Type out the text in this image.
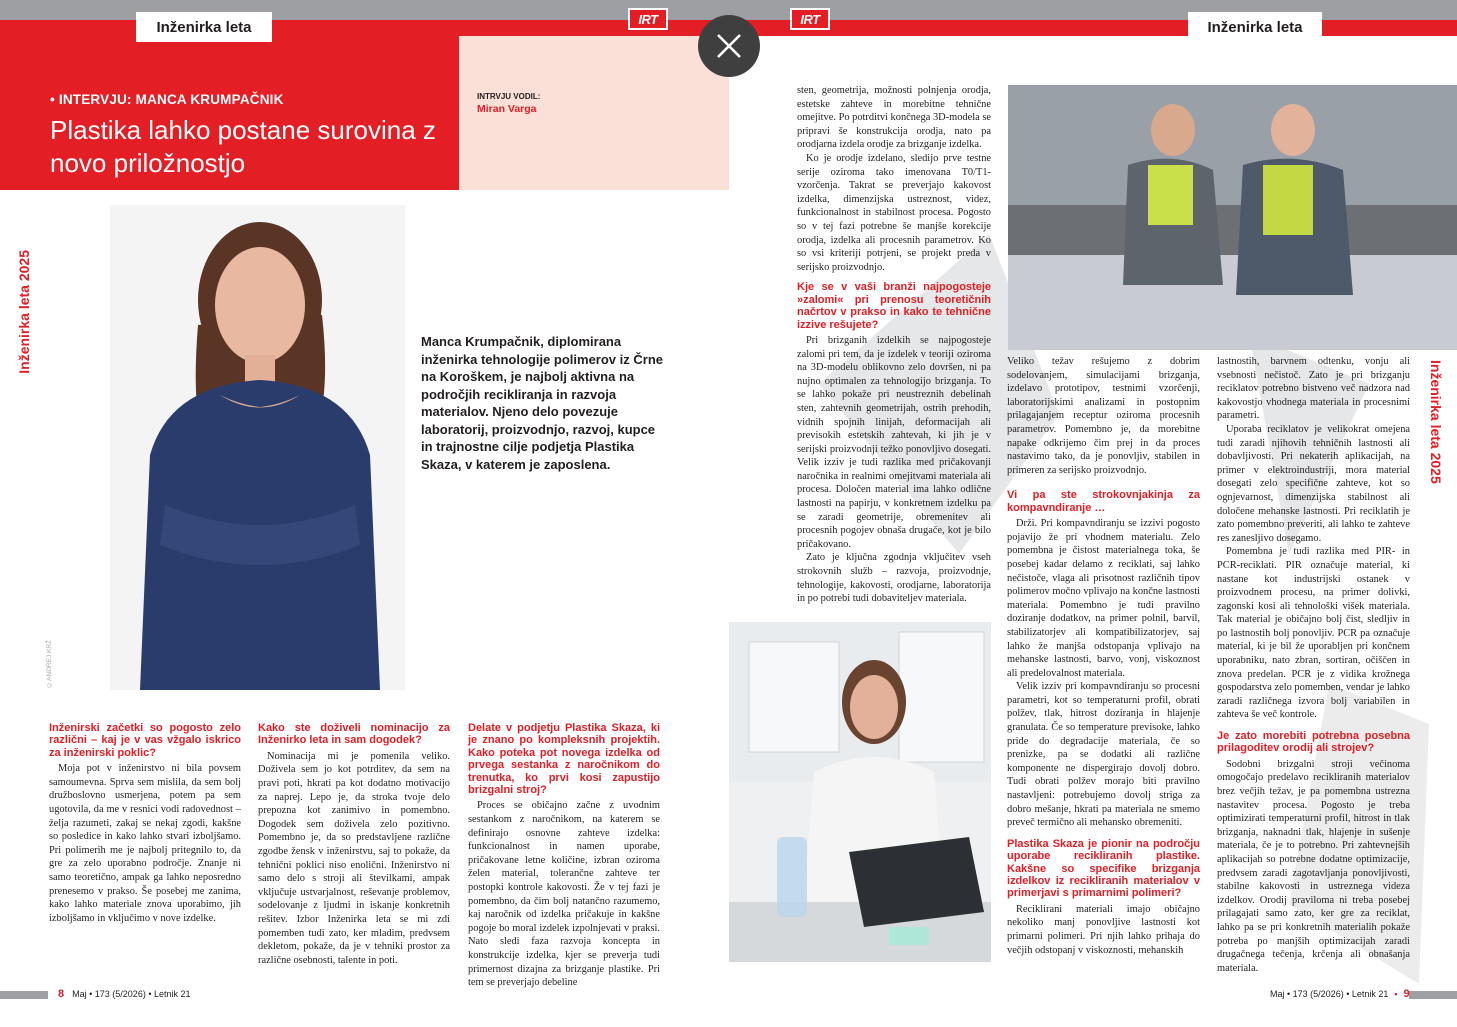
Inženirka leta	Inženirka leta
IRT	IRT
• INTERVJU: MANCA KRUMPAČNIK
Plastika lahko postane surovina z novo priložnostjo
INTRVJU VODIL:
Miran Varga
Inženirka leta 2025
Inženirka leta 2025
©ANDREJ KRŽ
Manca Krumpačnik, diplomirana inženirka tehnologije polimerov iz Črne na Koroškem, je najbolj aktivna na področjih recikliranja in razvoja materialov. Njeno delo povezuje laboratorij, proizvodnjo, razvoj, kupce in trajnostne cilje podjetja Plastika Skaza, v katerem je zaposlena.
Inženirski začetki so pogosto zelo različni – kaj je v vas vžgalo iskrico za inženirski poklic?

Moja pot v inženirstvo ni bila povsem samoumevna. Sprva sem mislila, da sem bolj družboslovno usmerjena, potem pa sem ugotovila, da me v resnici vodi radovednost – želja razumeti, zakaj se nekaj zgodi, kakšne so posledice in kako lahko stvari izboljšamo. Pri polimerih me je najbolj pritegnilo to, da gre za zelo uporabno področje. Znanje ni samo teoretično, ampak ga lahko neposredno prenesemo v prakso. Še posebej me zanima, kako lahko materiale znova uporabimo, jih izboljšamo in vključimo v nove izdelke.

Kako ste doživeli nominacijo za Inženirko leta in sam dogodek?

Nominacija mi je pomenila veliko. Doživela sem jo kot potrditev, da sem na pravi poti, hkrati pa kot dodatno motivacijo za naprej. Lepo je, da stroka tvoje delo prepozna kot zanimivo in pomembno. Dogodek sem doživela zelo pozitivno. Pomembno je, da so predstavljene različne zgodbe žensk v inženirstvu, saj to pokaže, da tehnični poklici niso enolični. Inženirstvo ni samo delo s stroji ali številkami, ampak vključuje ustvarjalnost, reševanje problemov, sodelovanje z ljudmi in iskanje konkretnih rešitev. Izbor Inženirka leta se mi zdi pomemben tudi zato, ker mladim, predvsem dekletom, pokaže, da je v tehniki prostor za različne osebnosti, talente in poti.

Delate v podjetju Plastika Skaza, ki je znano po kompleksnih projektih. Kako poteka pot novega izdelka od prvega sestanka z naročnikom do trenutka, ko prvi kosi zapustijo brizgalni stroj?

Proces se običajno začne z uvodnim sestankom z naročnikom, na katerem se definirajo osnovne zahteve izdelka: funkcionalnost in namen uporabe, pričakovane letne količine, izbran oziroma želen material, tolerančne zahteve ter postopki kontrole kakovosti. Že v tej fazi je pomembno, da čim bolj natančno razumemo, kaj naročnik od izdelka pričakuje in kakšne pogoje bo moral izdelek izpolnjevati v praksi. Nato sledi faza razvoja koncepta in konstrukcije izdelka, kjer se preverja tudi primernost dizajna za brizganje plastike. Pri tem se preverjajo debeline

sten, geometrija, možnosti polnjenja orodja, estetske zahteve in morebitne tehnične omejitve. Po potrditvi končnega 3D-modela se pripravi še konstrukcija orodja, nato pa orodjarna izdela orodje za brizganje izdelka.

Ko je orodje izdelano, sledijo prve testne serije oziroma tako imenovana T0/T1-vzorčenja. Takrat se preverjajo kakovost izdelka, dimenzijska ustreznost, videz, funkcionalnost in stabilnost procesa. Pogosto so v tej fazi potrebne še manjše korekcije orodja, izdelka ali procesnih parametrov. Ko so vsi kriteriji potrjeni, se projekt preda v serijsko proizvodnjo.

Kje se v vaši branži najpogosteje »zalomi« pri prenosu teoretičnih načrtov v prakso in kako te tehnične izzive rešujete?

Pri brizganih izdelkih se najpogosteje zalomi pri tem, da je izdelek v teoriji oziroma na 3D-modelu oblikovno zelo dovršen, ni pa nujno optimalen za tehnologijo brizganja. To se lahko pokaže pri neustreznih debelinah sten, zahtevnih geometrijah, ostrih prehodih, vidnih spojnih linijah, deformacijah ali previsokih estetskih zahtevah, ki jih je v serijski proizvodnji težko ponovljivo dosegati. Velik izziv je tudi razlika med pričakovanji naročnika in realnimi omejitvami materiala ali procesa. Določen material ima lahko odlične lastnosti na papirju, v konkretnem izdelku pa se zaradi geometrije, obremenitev ali procesnih pogojev obnaša drugače, kot je bilo pričakovano.

Zato je ključna zgodnja vključitev vseh strokovnih služb – razvoja, proizvodnje, tehnologije, kakovosti, orodjarne, laboratorija in po potrebi tudi dobaviteljev materiala.

Veliko težav rešujemo z dobrim sodelovanjem, simulacijami brizganja, izdelavo prototipov, testnimi vzorčenji, laboratorijskimi analizami in postopnim prilagajanjem receptur oziroma procesnih parametrov. Pomembno je, da morebitne napake odkrijemo čim prej in da proces nastavimo tako, da je ponovljiv, stabilen in primeren za serijsko proizvodnjo.

Vi pa ste strokovnjakinja za kompavndiranje …

Drži. Pri kompavndiranju se izzivi pogosto pojavijo že pri vhodnem materialu. Zelo pomembna je čistost materialnega toka, še posebej kadar delamo z reciklati, saj lahko nečistoče, vlaga ali prisotnost različnih tipov polimerov močno vplivajo na končne lastnosti materiala. Pomembno je tudi pravilno doziranje dodatkov, na primer polnil, barvil, stabilizatorjev ali kompatibilizatorjev, saj lahko že manjša odstopanja vplivajo na mehanske lastnosti, barvo, vonj, viskoznost ali predelovalnost materiala.

Velik izziv pri kompavndiranju so procesni parametri, kot so temperaturni profil, obrati polžev, tlak, hitrost doziranja in hlajenje granulata. Če so temperature previsoke, lahko pride do degradacije materiala, če so prenizke, pa se dodatki ali različne komponente ne dispergirajo dovolj dobro. Tudi obrati polžev morajo biti pravilno nastavljeni: potrebujemo dovolj striga za dobro mešanje, hkrati pa materiala ne smemo preveč termično ali mehansko obremeniti.

Plastika Skaza je pionir na področju uporabe recikliranih plastike. Kakšne so specifike brizganja izdelkov iz recikliranih materialov v primerjavi s primarnimi polimeri?

Reciklirani materiali imajo običajno nekoliko manj ponovljive lastnosti kot primarni polimeri. Pri njih lahko prihaja do večjih odstopanj v viskoznosti, mehanskih

lastnostih, barvnem odtenku, vonju ali vsebnosti nečistoč. Zato je pri brizganju reciklatov potrebno bistveno več nadzora nad kakovostjo vhodnega materiala in procesnimi parametri.

Uporaba reciklatov je velikokrat omejena tudi zaradi njihovih tehničnih lastnosti ali dobavljivosti. Pri nekaterih aplikacijah, na primer v elektroindustriji, mora material dosegati zelo specifične zahteve, kot so ognjevarnost, dimenzijska stabilnost ali določene mehanske lastnosti. Pri reciklatih je zato pomembno preveriti, ali lahko te zahteve res zanesljivo dosegamo.

Pomembna je tudi razlika med PIR- in PCR-reciklati. PIR označuje material, ki nastane kot industrijski ostanek v proizvodnem procesu, na primer dolivki, zagonski kosi ali tehnološki višek materiala. Tak material je običajno bolj čist, sledljiv in po lastnostih bolj ponovljiv. PCR pa označuje material, ki je bil že uporabljen pri končnem uporabniku, nato zbran, sortiran, očiščen in znova predelan. PCR je z vidika krožnega gospodarstva zelo pomemben, vendar je lahko zaradi različnega izvora bolj variabilen in zahteva še več kontrole.

Je zato morebiti potrebna posebna prilagoditev orodij ali strojev?

Sodobni brizgalni stroji večinoma omogočajo predelavo recikliranih materialov brez večjih težav, je pa pomembna ustrezna nastavitev procesa. Pogosto je treba optimizirati temperaturni profil, hitrost in tlak brizganja, naknadni tlak, hlajenje in sušenje materiala, če je to potrebno. Pri zahtevnejših aplikacijah so potrebne dodatne optimizacije, predvsem zaradi zagotavljanja ponovljivosti, stabilne kakovosti in ustreznega videza izdelkov. Orodij praviloma ni treba posebej prilagajati samo zato, ker gre za reciklat, lahko pa se pri konkretnih materialih pokaže potreba po manjših optimizacijah zaradi drugačnega tečenja, krčenja ali obnašanja materiala.

8 Maj • 173 (5/2026) • Letnik 21	Maj • 173 (5/2026) • Letnik 21 • 9
